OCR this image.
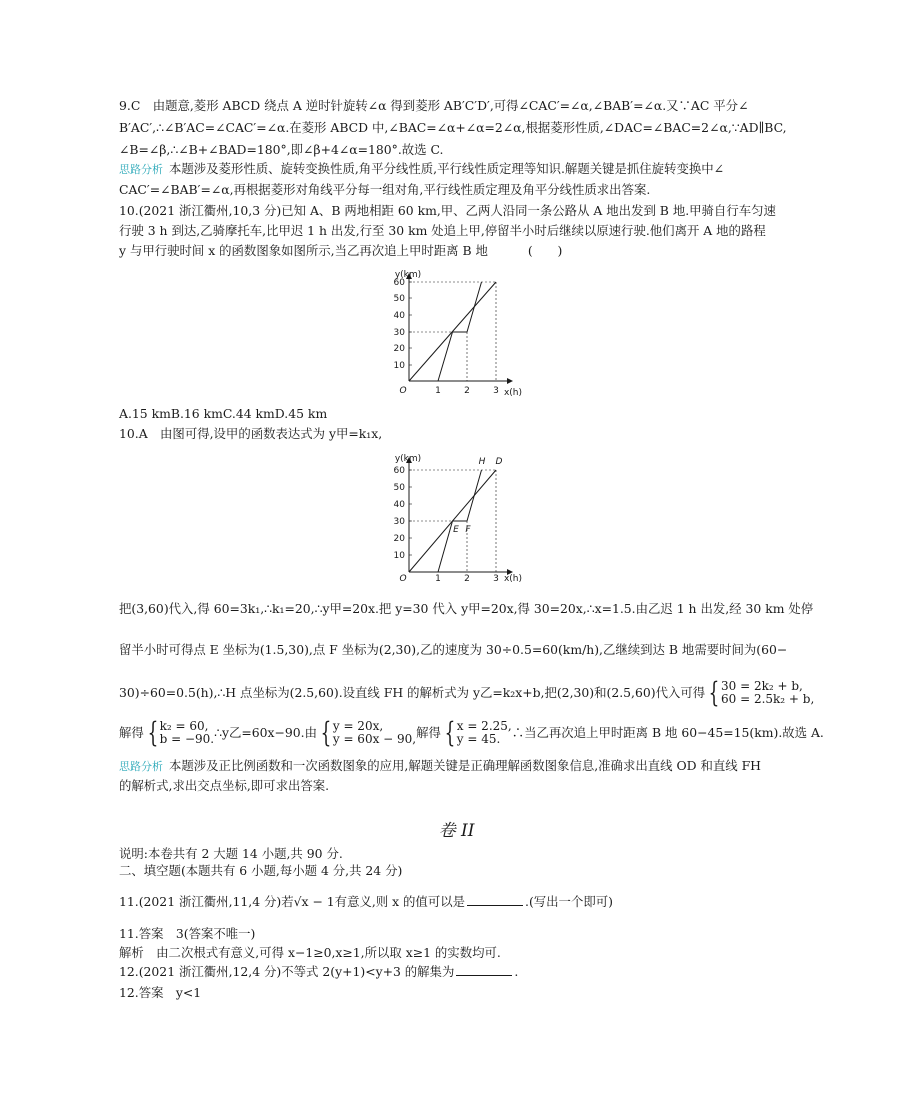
9.C　由题意,菱形 ABCD 绕点 A 逆时针旋转∠α 得到菱形 AB′C′D′,可得∠CAC′=∠α,∠BAB′=∠α.又∵AC 平分∠
B′AC′,∴∠B′AC=∠CAC′=∠α.在菱形 ABCD 中,∠BAC=∠α+∠α=2∠α,根据菱形性质,∠DAC=∠BAC=2∠α,∵AD∥BC,
∠B=∠β,∴∠B+∠BAD=180°,即∠β+4∠α=180°.故选 C.
思路分析 本题涉及菱形性质、旋转变换性质,角平分线性质,平行线性质定理等知识.解题关键是抓住旋转变换中∠
CAC′=∠BAB′=∠α,再根据菱形对角线平分每一组对角,平行线性质定理及角平分线性质求出答案.
10.(2021 浙江衢州,10,3 分)已知 A、B 两地相距 60 km,甲、乙两人沿同一条公路从 A 地出发到 B 地.甲骑自行车匀速
行驶 3 h 到达,乙骑摩托车,比甲迟 1 h 出发,行至 30 km 处追上甲,停留半小时后继续以原速行驶.他们离开 A 地的路程
y 与甲行驶时间 x 的函数图象如图所示,当乙再次追上甲时距离 B 地	(　　)
y(km)
x(h)
O
10
20
30
40
50
60
1	2	3
A.15 kmB.16 kmC.44 kmD.45 km
10.A　由图可得,设甲的函数表达式为 y甲=k₁x,
y(km)
x(h)
O
10
20
30
40
50
60
1	2	3
H D
E F
把(3,60)代入,得 60=3k₁,∴k₁=20,∴y甲=20x.把 y=30 代入 y甲=20x,得 30=20x,∴x=1.5.由乙迟 1 h 出发,经 30 km 处停
留半小时可得点 E 坐标为(1.5,30),点 F 坐标为(2,30),乙的速度为 30÷0.5=60(km/h),乙继续到达 B 地需要时间为(60−
30)÷60=0.5(h),∴H 点坐标为(2.5,60).设直线 FH 的解析式为 y乙=k₂x+b,把(2,30)和(2.5,60)代入可得 { 30 = 2k₂ + b,
60 = 2.5k₂ + b,
解得 { k₂ = 60,
b = −90. ∴y乙=60x−90.由 { y = 20x,
y = 60x − 90, 解得 { x = 2.25,
y = 45. ∴当乙再次追上甲时距离 B 地 60−45=15(km).故选 A.
思路分析 本题涉及正比例函数和一次函数图象的应用,解题关键是正确理解函数图象信息,准确求出直线 OD 和直线 FH
的解析式,求出交点坐标,即可求出答案.
卷 II
说明:本卷共有 2 大题 14 小题,共 90 分.
二、填空题(本题共有 6 小题,每小题 4 分,共 24 分)
11.(2021 浙江衢州,11,4 分)若√x − 1有意义,则 x 的值可以是	.(写出一个即可)
11.答案　3(答案不唯一)
解析　由二次根式有意义,可得 x−1≥0,x≥1,所以取 x≥1 的实数均可.
12.(2021 浙江衢州,12,4 分)不等式 2(y+1)<y+3 的解集为	.
12.答案　y<1
